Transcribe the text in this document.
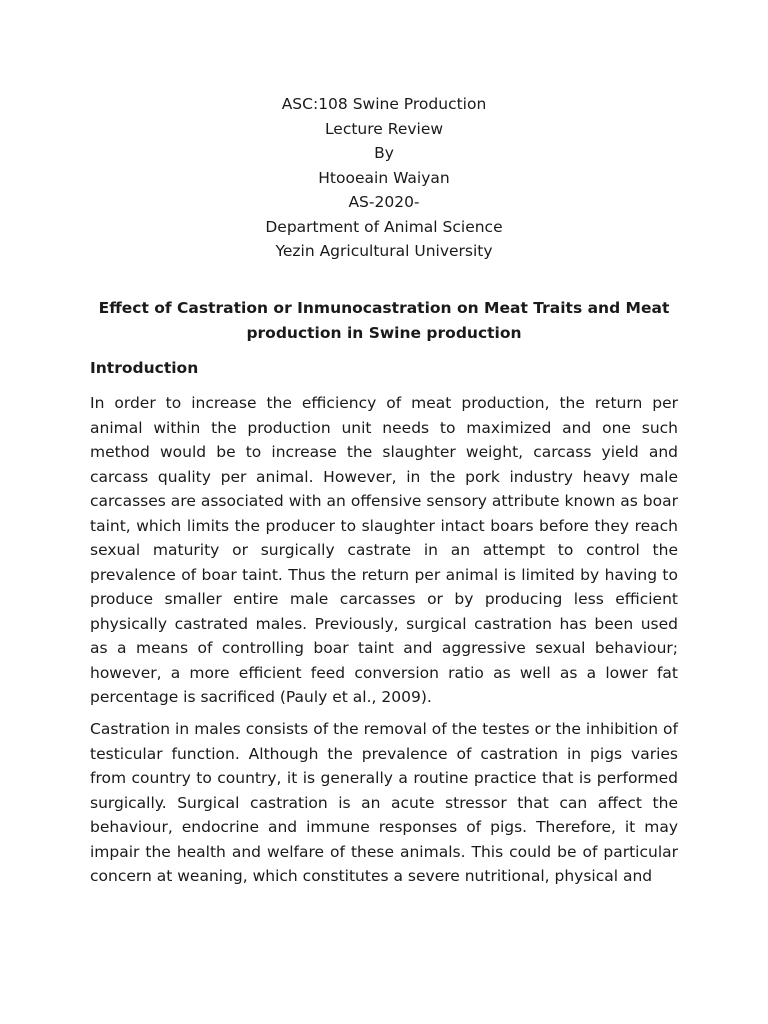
ASC:108 Swine Production
Lecture Review
By
Htooeain Waiyan
AS-2020-
Department of Animal Science
Yezin Agricultural University
Effect of Castration or Inmunocastration on Meat Traits and Meat production in Swine production
Introduction

In order to increase the efficiency of meat production, the return per animal within the production unit needs to maximized and one such method would be to increase the slaughter weight, carcass yield and carcass quality per animal. However, in the pork industry heavy male carcasses are associated with an offensive sensory attribute known as boar taint, which limits the producer to slaughter intact boars before they reach sexual maturity or surgically castrate in an attempt to control the prevalence of boar taint. Thus the return per animal is limited by having to produce smaller entire male carcasses or by producing less efficient physically castrated males. Previously, surgical castration has been used as a means of controlling boar taint and aggressive sexual behaviour; however, a more efficient feed conversion ratio as well as a lower fat percentage is sacrificed (Pauly et al., 2009).

Castration in males consists of the removal of the testes or the inhibition of testicular function. Although the prevalence of castration in pigs varies from country to country, it is generally a routine practice that is performed surgically. Surgical castration is an acute stressor that can affect the behaviour, endocrine and immune responses of pigs. Therefore, it may impair the health and welfare of these animals. This could be of particular concern at weaning, which constitutes a severe nutritional, physical and
